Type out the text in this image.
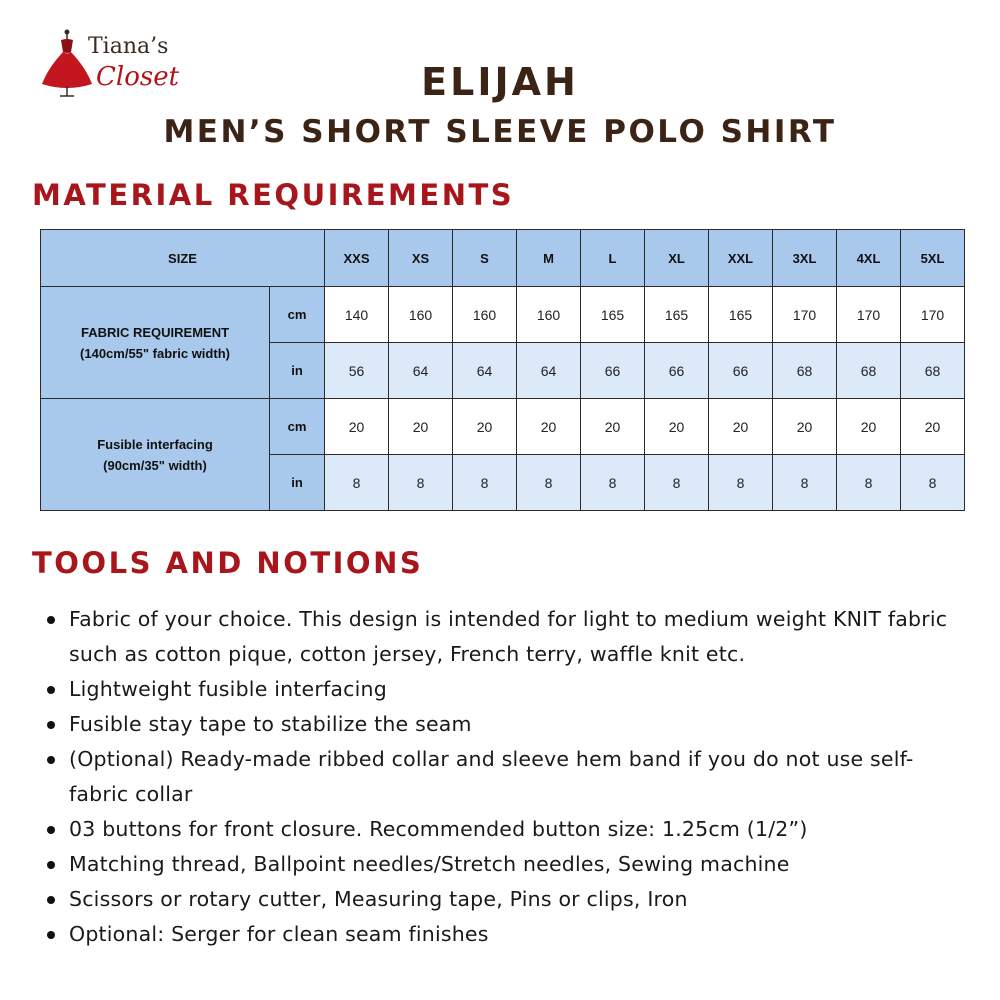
Tiana’s
Closet	ELIJAH
MEN’S SHORT SLEEVE POLO SHIRT
MATERIAL REQUIREMENTS
SIZE		XXS	XS	S	M	L	XL	XXL	3XL	4XL	5XL
FABRIC REQUIREMENT
(140cm/55" fabric width)	cm	140	160	160	160	165	165	165	170	170	170
	in	56	64	64	64	66	66	66	68	68	68
Fusible interfacing
(90cm/35" width)	cm	20	20	20	20	20	20	20	20	20	20
	in	8	8	8	8	8	8	8	8	8	8
TOOLS AND NOTIONS
Fabric of your choice. This design is intended for light to medium weight KNIT fabric such as cotton pique, cotton jersey, French terry, waffle knit etc.
Lightweight fusible interfacing
Fusible stay tape to stabilize the seam
(Optional) Ready-made ribbed collar and sleeve hem band if you do not use self-fabric collar
03 buttons for front closure. Recommended button size: 1.25cm (1/2”)
Matching thread, Ballpoint needles/Stretch needles, Sewing machine
Scissors or rotary cutter, Measuring tape, Pins or clips, Iron
Optional: Serger for clean seam finishes
